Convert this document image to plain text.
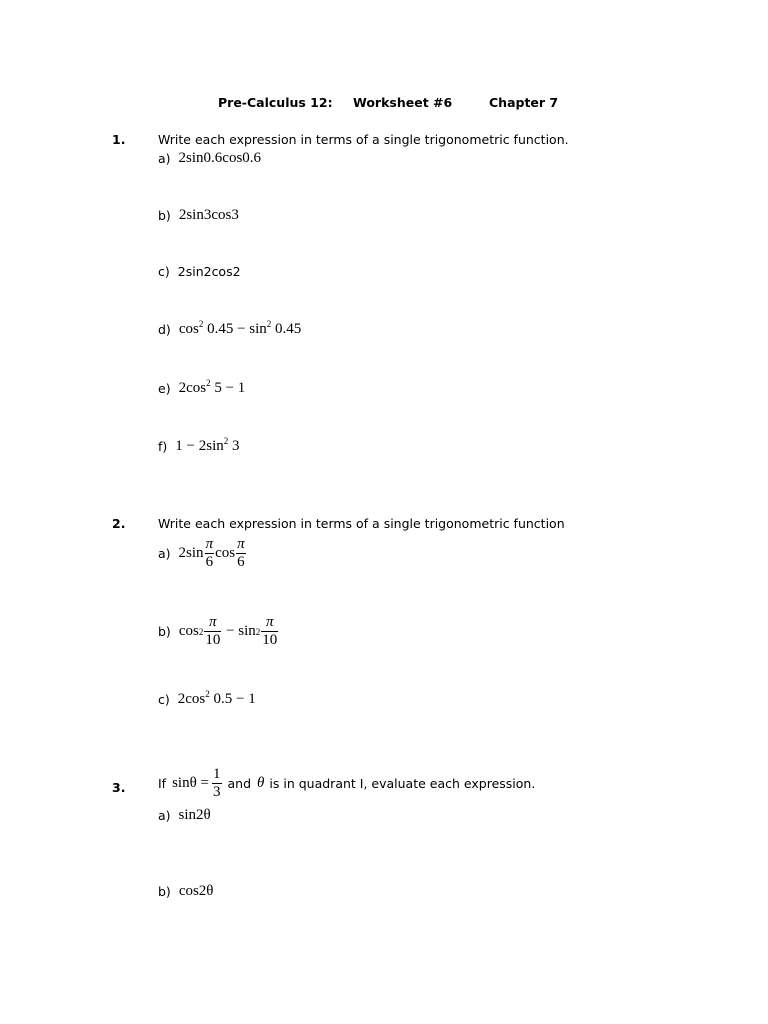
Pre-Calculus 12: Worksheet #6	Chapter 7
1.	Write each expression in terms of a single trigonometric function.
a) 2sin0.6cos0.6
b) 2sin3cos3
c) 2sin2cos2
d) $\cos^2 0.45 - \sin^2 0.45$
e) $2\cos^2$ 5 − 1
f) $1 - 2\sin^2$ 3
2.	Write each expression in terms of a single trigonometric function
a) $2\sin \frac{\pi}{6}$ $\cos \frac{\pi}{6}$
b) $\cos 2 \frac{\pi}{10} - \sin 2 \frac{\pi}{10}$
c) $2\cos^2$ 0.5 − 1
3.	If $\sin\theta = \frac{1}{3}$ and θ is in quadrant I, evaluate each expression.
a) sin2θ
b) cos2θ
